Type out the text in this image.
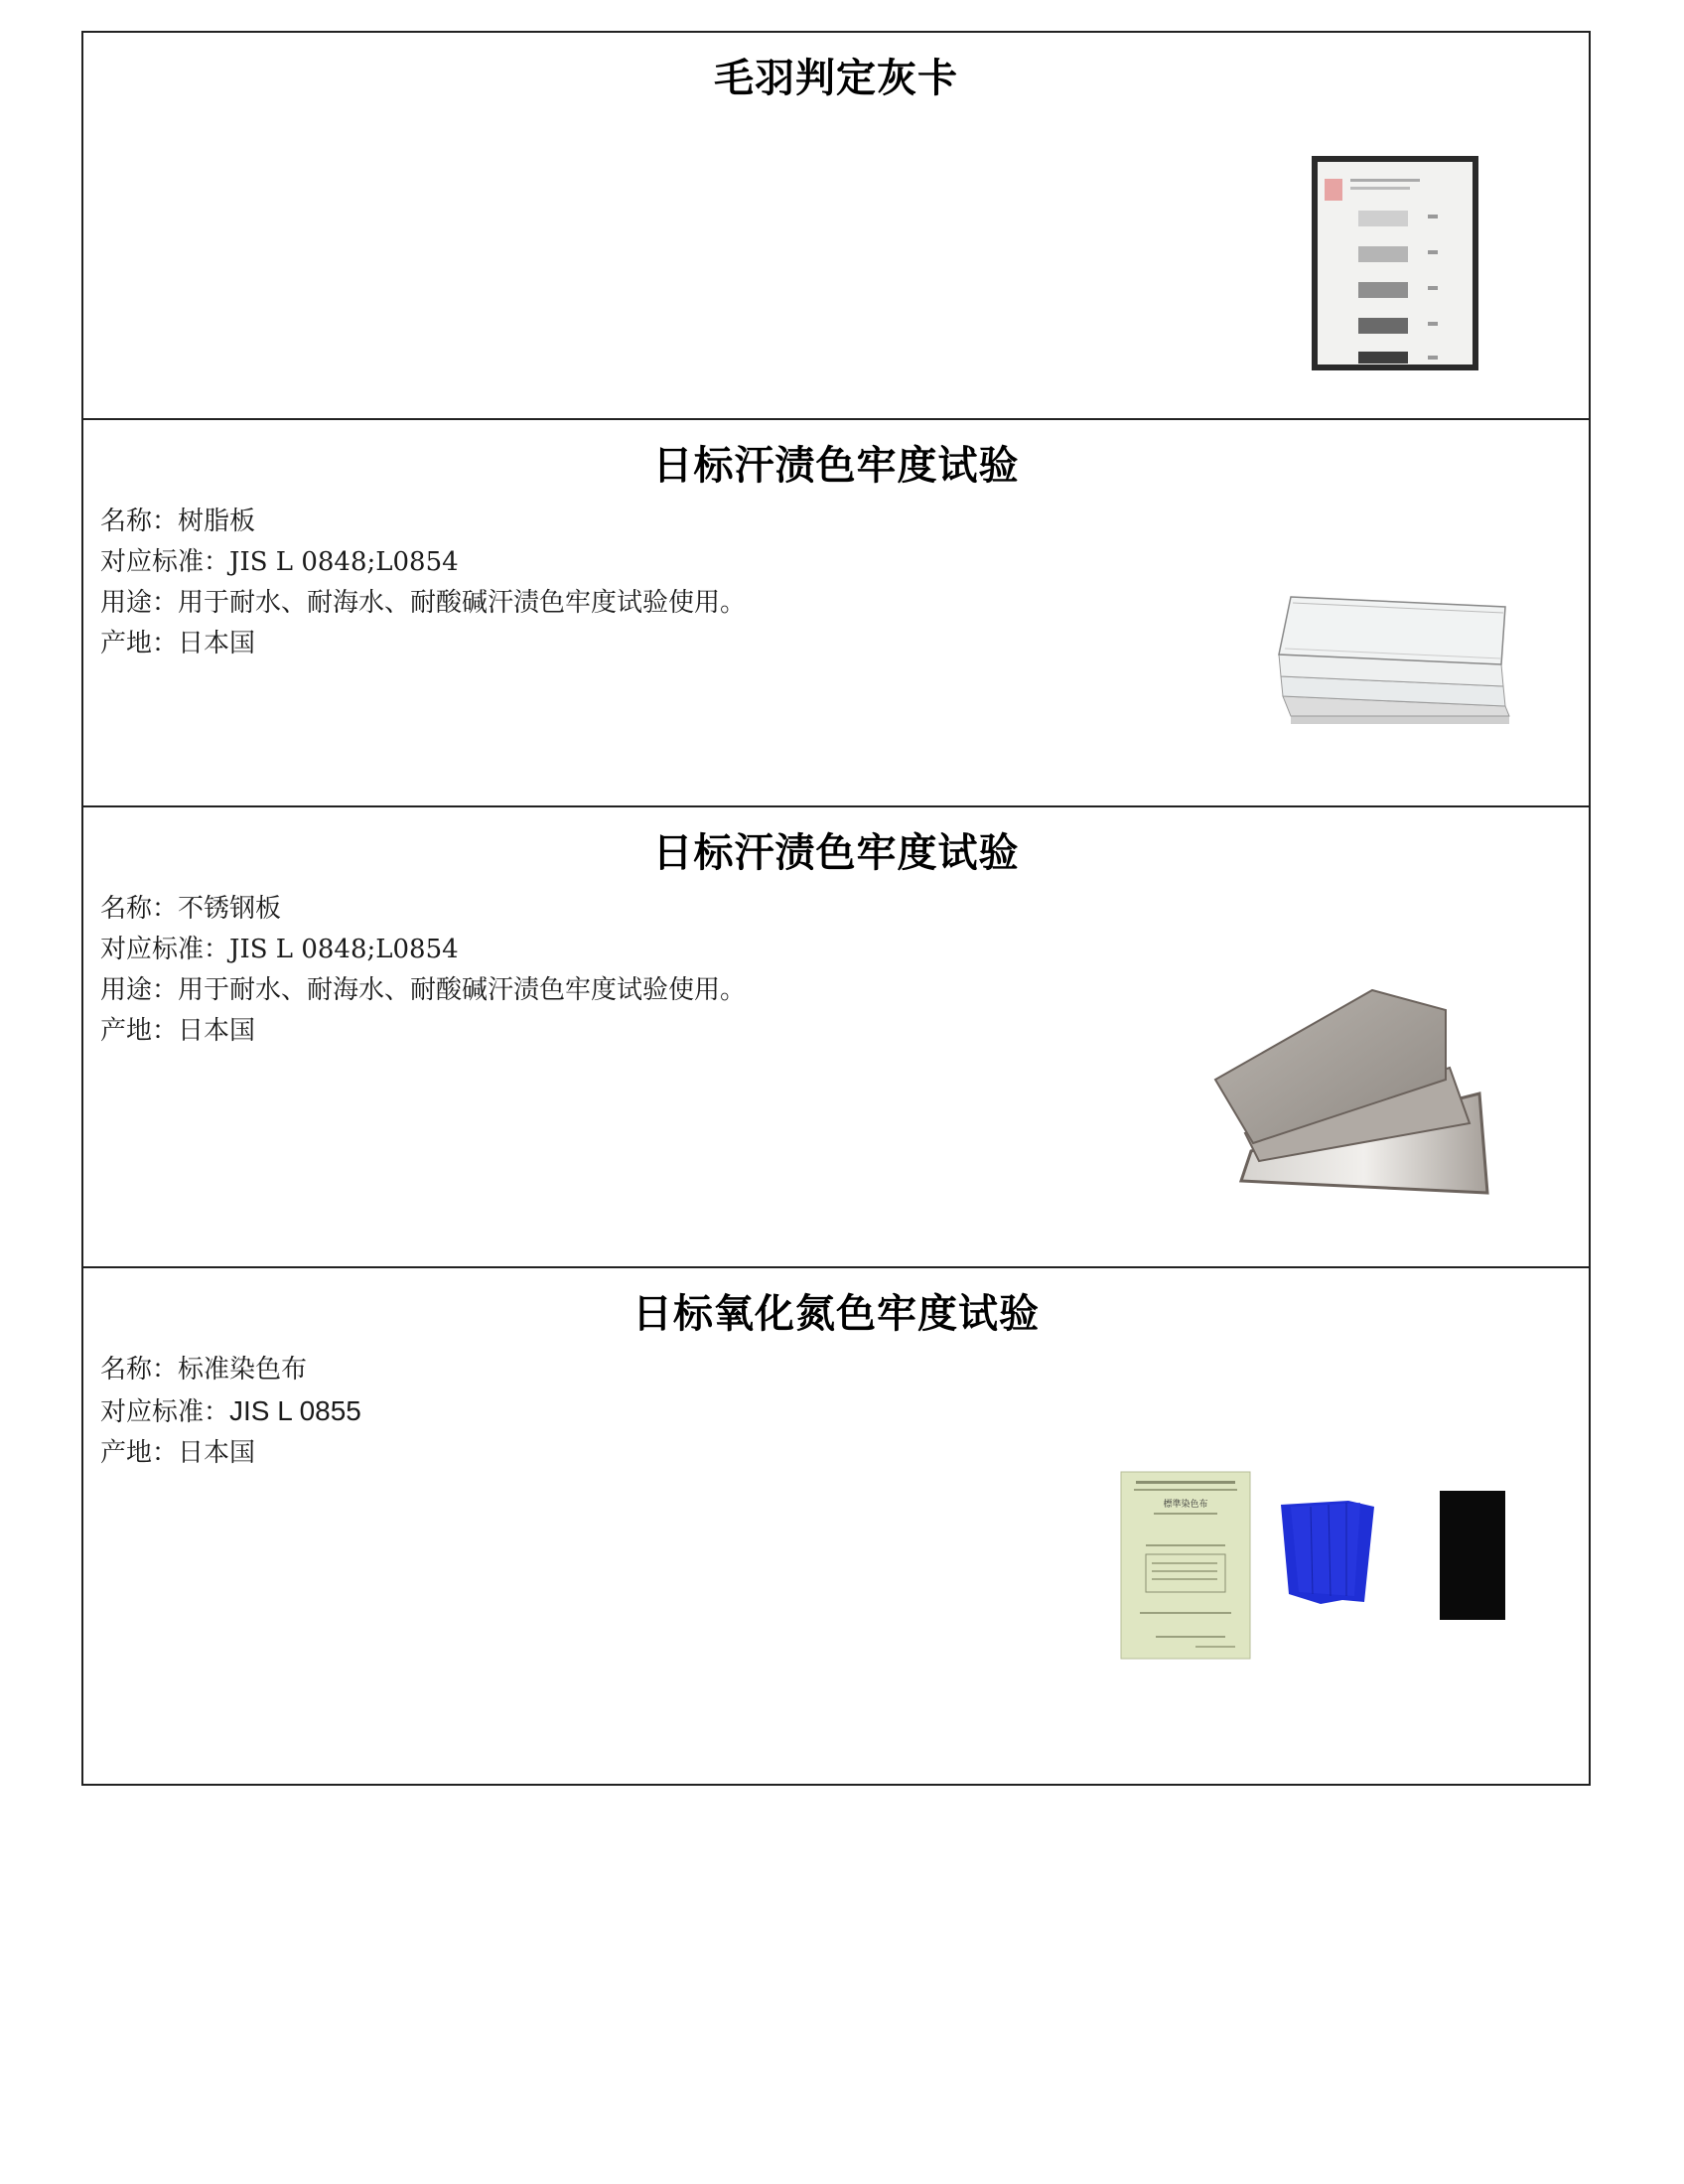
毛羽判定灰卡
日标汗渍色牢度试验
名称：树脂板
对应标准：JIS L 0848;L0854
用途：用于耐水、耐海水、耐酸碱汗渍色牢度试验使用。
产地：日本国
日标汗渍色牢度试验
名称：不锈钢板
对应标准：JIS L 0848;L0854
用途：用于耐水、耐海水、耐酸碱汗渍色牢度试验使用。
产地：日本国
日标氧化氮色牢度试验
名称：标准染色布
对应标准：JIS L 0855
产地：日本国
標準染色布
